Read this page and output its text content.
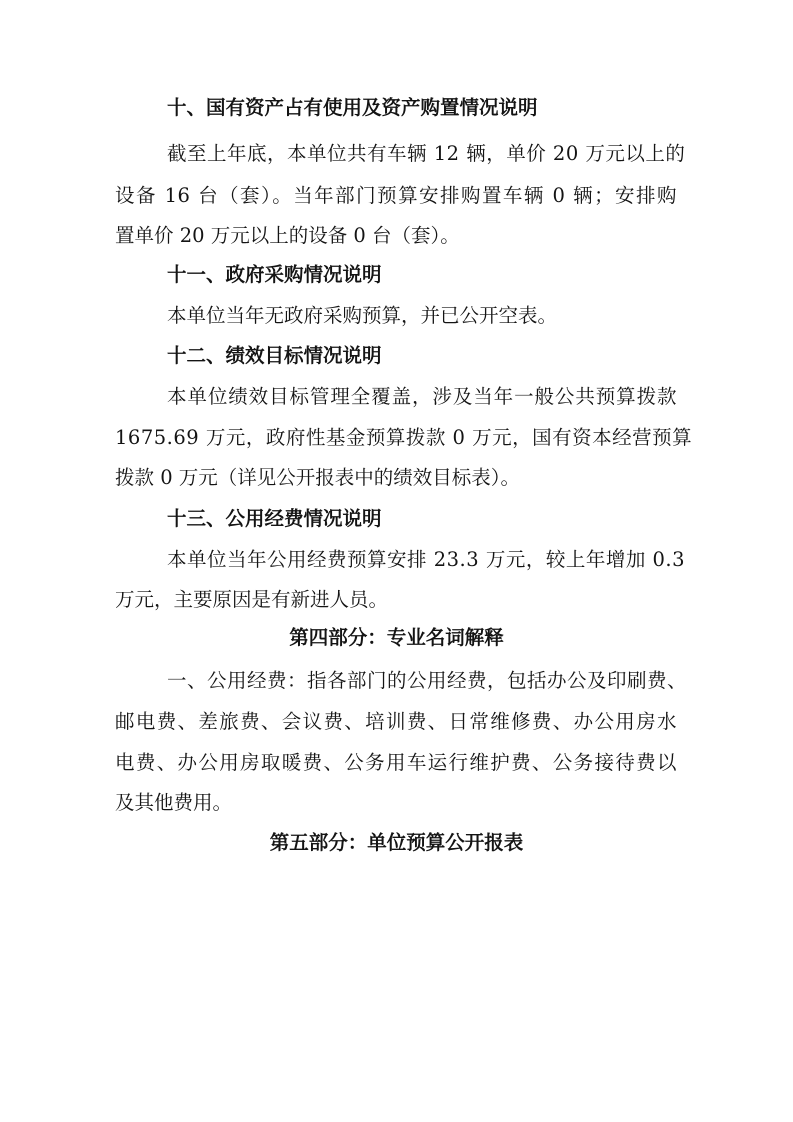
十、国有资产占有使用及资产购置情况说明
截至上年底，本单位共有车辆 12 辆，单价 20 万元以上的
设备 16 台（套）。当年部门预算安排购置车辆 0 辆；安排购
置单价 20 万元以上的设备 0 台（套）。
十一、政府采购情况说明
本单位当年无政府采购预算，并已公开空表。
十二、绩效目标情况说明
本单位绩效目标管理全覆盖，涉及当年一般公共预算拨款
1675.69 万元，政府性基金预算拨款 0 万元，国有资本经营预算
拨款 0 万元（详见公开报表中的绩效目标表）。
十三、公用经费情况说明
本单位当年公用经费预算安排 23.3 万元，较上年增加 0.3
万元，主要原因是有新进人员。
第四部分：专业名词解释
一、公用经费：指各部门的公用经费，包括办公及印刷费、
邮电费、差旅费、会议费、培训费、日常维修费、办公用房水
电费、办公用房取暖费、公务用车运行维护费、公务接待费以
及其他费用。
第五部分：单位预算公开报表
